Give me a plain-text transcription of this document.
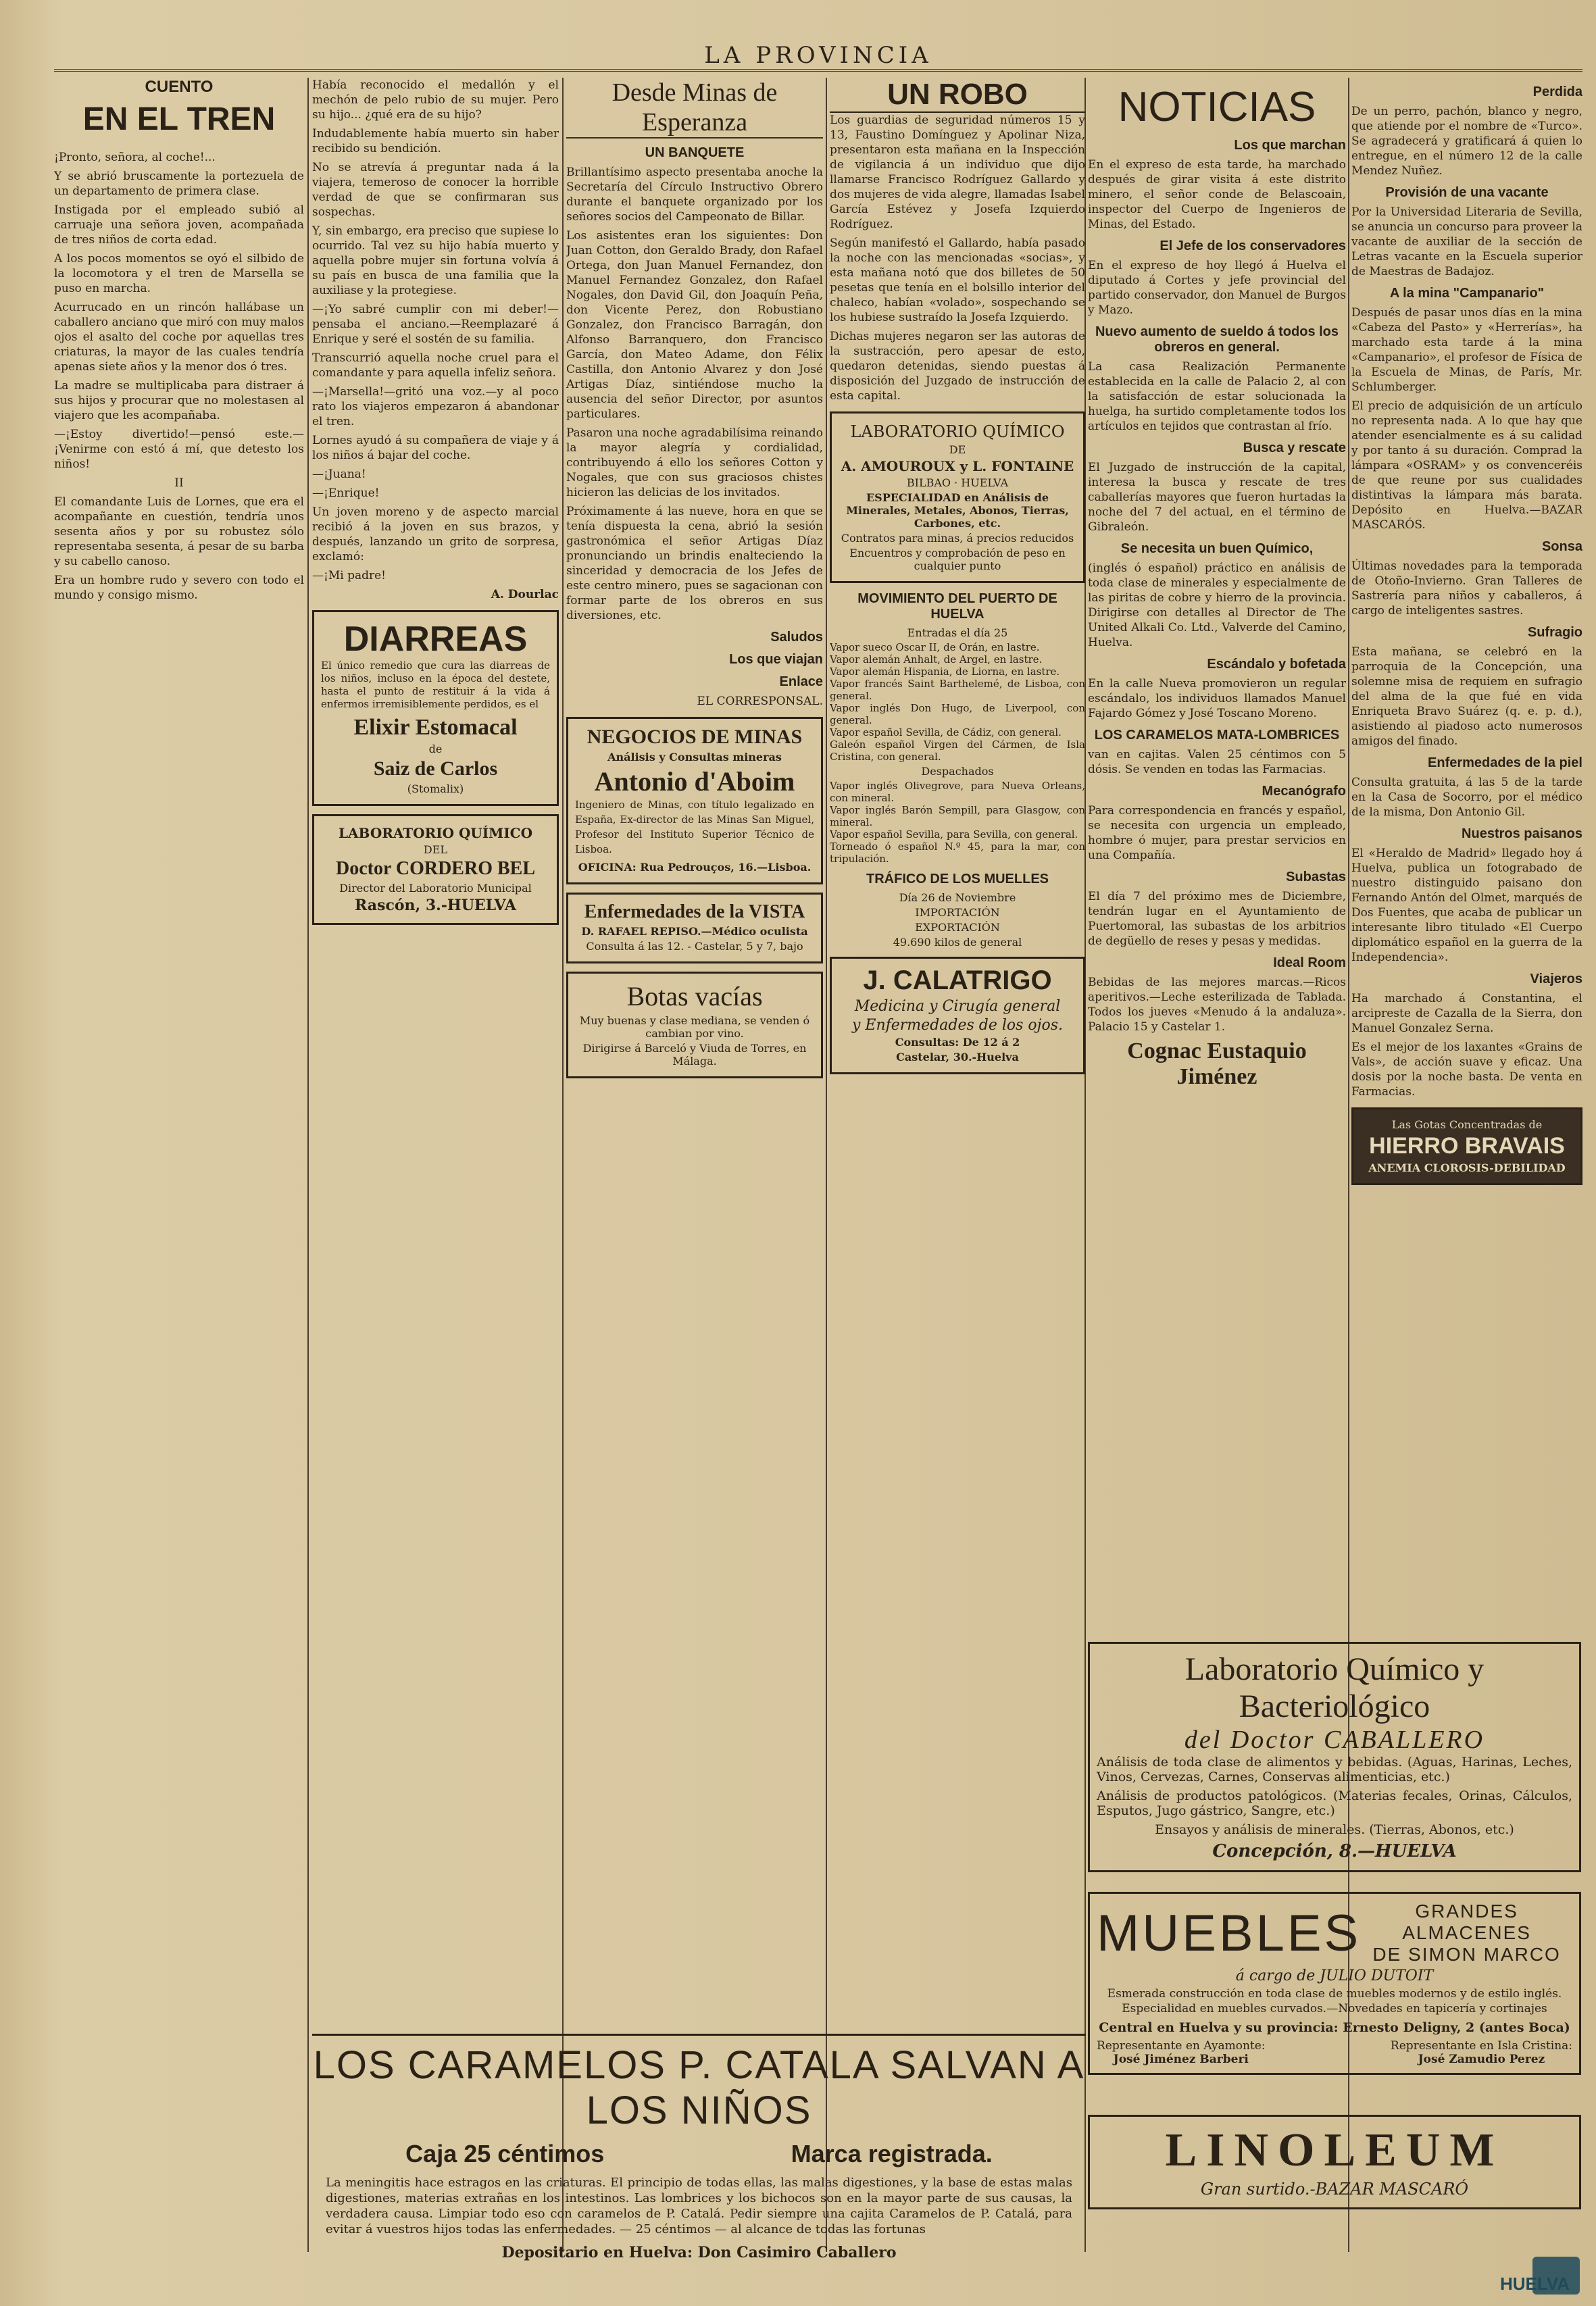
LA PROVINCIA
CUENTO
EN EL TREN

¡Pronto, señora, al coche!...

Y se abrió bruscamente la portezuela de un departamento de primera clase.

Instigada por el empleado subió al carruaje una señora joven, acompañada de tres niños de corta edad.

A los pocos momentos se oyó el silbido de la locomotora y el tren de Marsella se puso en marcha.

Acurrucado en un rincón hallábase un caballero anciano que miró con muy malos ojos el asalto del coche por aquellas tres criaturas, la mayor de las cuales tendría apenas siete años y la menor dos ó tres.

La madre se multiplicaba para distraer á sus hijos y procurar que no molestasen al viajero que les acompañaba.

—¡Estoy divertido!—pensó este.—¡Venirme con estó á mí, que detesto los niños!

II

El comandante Luis de Lornes, que era el acompañante en cuestión, tendría unos sesenta años y por su robustez sólo representaba sesenta, á pesar de su barba y su cabello canoso.

Era un hombre rudo y severo con todo el mundo y consigo mismo.

Había reconocido el medallón y el mechón de pelo rubio de su mujer. Pero su hijo... ¿qué era de su hijo?

Indudablemente había muerto sin haber recibido su bendición.

No se atrevía á preguntar nada á la viajera, temeroso de conocer la horrible verdad de que se confirmaran sus sospechas.

Y, sin embargo, era preciso que supiese lo ocurrido. Tal vez su hijo había muerto y aquella pobre mujer sin fortuna volvía á su país en busca de una familia que la auxiliase y la protegiese.

—¡Yo sabré cumplir con mi deber!—pensaba el anciano.—Reemplazaré á Enrique y seré el sostén de su familia.

Transcurrió aquella noche cruel para el comandante y para aquella infeliz señora.

—¡Marsella!—gritó una voz.—y al poco rato los viajeros empezaron á abandonar el tren.

Lornes ayudó á su compañera de viaje y á los niños á bajar del coche.

—¡Juana!

—¡Enrique!

Un joven moreno y de aspecto marcial recibió á la joven en sus brazos, y después, lanzando un grito de sorpresa, exclamó:

—¡Mi padre!

A. Dourlac

DIARREAS

El único remedio que cura las diarreas de los niños, incluso en la época del destete, hasta el punto de restituir á la vida á enfermos irremisiblemente perdidos, es el

Elixir Estomacal
de
Saiz de Carlos
(Stomalix)
LABORATORIO QUÍMICO
DEL
Doctor CORDERO BEL
Director del Laboratorio Municipal
Rascón, 3.-HUELVA
Desde Minas de Esperanza
UN BANQUETE

Brillantísimo aspecto presentaba anoche la Secretaría del Círculo Instructivo Obrero durante el banquete organizado por los señores socios del Campeonato de Billar.

Los asistentes eran los siguientes: Don Juan Cotton, don Geraldo Brady, don Rafael Ortega, don Juan Manuel Fernandez, don Manuel Fernandez Gonzalez, don Rafael Nogales, don David Gil, don Joaquín Peña, don Vicente Perez, don Robustiano Gonzalez, don Francisco Barragán, don Alfonso Barranquero, don Francisco García, don Mateo Adame, don Félix Castilla, don Antonio Alvarez y don José Artigas Díaz, sintiéndose mucho la ausencia del señor Director, por asuntos particulares.

Pasaron una noche agradabilísima reinando la mayor alegría y cordialidad, contribuyendo á ello los señores Cotton y Nogales, que con sus graciosos chistes hicieron las delicias de los invitados.

Próximamente á las nueve, hora en que se tenía dispuesta la cena, abrió la sesión gastronómica el señor Artigas Díaz pronunciando un brindis enalteciendo la sinceridad y democracia de los Jefes de este centro minero, pues se sagacionan con formar parte de los obreros en sus diversiones, etc.

Saludos
Los que viajan
Enlace

EL CORRESPONSAL.

NEGOCIOS DE MINAS
Análisis y Consultas mineras
Antonio d'Aboim

Ingeniero de Minas, con título legalizado en España, Ex-director de las Minas San Miguel, Profesor del Instituto Superior Técnico de Lisboa.

OFICINA: Rua Pedrouços, 16.—Lisboa.
Enfermedades de la VISTA
D. RAFAEL REPISO.—Médico oculista
Consulta á las 12. - Castelar, 5 y 7, bajo
Botas vacías
Muy buenas y clase mediana, se venden ó cambian por vino.
Dirigirse á Barceló y Viuda de Torres, en Málaga.
UN ROBO

Los guardias de seguridad números 15 y 13, Faustino Domínguez y Apolinar Niza, presentaron esta mañana en la Inspección de vigilancia á un individuo que dijo llamarse Francisco Rodríguez Gallardo y dos mujeres de vida alegre, llamadas Isabel García Estévez y Josefa Izquierdo Rodríguez.

Según manifestó el Gallardo, había pasado la noche con las mencionadas «socias», y esta mañana notó que dos billetes de 50 pesetas que tenía en el bolsillo interior del chaleco, habían «volado», sospechando se los hubiese sustraído la Josefa Izquierdo.

Dichas mujeres negaron ser las autoras de la sustracción, pero apesar de esto, quedaron detenidas, siendo puestas á disposición del Juzgado de instrucción de esta capital.

LABORATORIO QUÍMICO
DE
A. AMOUROUX y L. FONTAINE
BILBAO · HUELVA
ESPECIALIDAD en Análisis de Minerales, Metales, Abonos, Tierras, Carbones, etc.
Contratos para minas, á precios reducidos
Encuentros y comprobación de peso en cualquier punto
MOVIMIENTO DEL PUERTO DE HUELVA
Entradas el día 25

Vapor sueco Oscar II, de Orán, en lastre.

Vapor alemán Anhalt, de Argel, en lastre.

Vapor alemán Hispania, de Liorna, en lastre.

Vapor francés Saint Barthelemé, de Lisboa, con general.

Vapor inglés Don Hugo, de Liverpool, con general.

Vapor español Sevilla, de Cádiz, con general.

Galeón español Virgen del Cármen, de Isla Cristina, con general.

Despachados

Vapor inglés Olivegrove, para Nueva Orleans, con mineral.

Vapor inglés Barón Sempill, para Glasgow, con mineral.

Vapor español Sevilla, para Sevilla, con general.

Torneado ó español N.º 45, para la mar, con tripulación.

TRÁFICO DE LOS MUELLES
Día 26 de Noviembre
IMPORTACIÓN
EXPORTACIÓN
49.690 kilos de general
J. CALATRIGO
Medicina y Cirugía general
y Enfermedades de los ojos.
Consultas: De 12 á 2
Castelar, 30.-Huelva
NOTICIAS
Los que marchan

En el expreso de esta tarde, ha marchado después de girar visita á este distrito minero, el señor conde de Belascoain, inspector del Cuerpo de Ingenieros de Minas, del Estado.

El Jefe de los conservadores

En el expreso de hoy llegó á Huelva el diputado á Cortes y jefe provincial del partido conservador, don Manuel de Burgos y Mazo.

Nuevo aumento de sueldo á todos los obreros en general.

La casa Realización Permanente establecida en la calle de Palacio 2, al con la satisfacción de estar solucionada la huelga, ha surtido completamente todos los artículos en tejidos que contrastan al frío.

Busca y rescate

El Juzgado de instrucción de la capital, interesa la busca y rescate de tres caballerías mayores que fueron hurtadas la noche del 7 del actual, en el término de Gibraleón.

Se necesita un buen Químico,

(inglés ó español) práctico en análisis de toda clase de minerales y especialmente de las piritas de cobre y hierro de la provincia. Dirigirse con detalles al Director de The United Alkali Co. Ltd., Valverde del Camino, Huelva.

Escándalo y bofetada

En la calle Nueva promovieron un regular escándalo, los individuos llamados Manuel Fajardo Gómez y José Toscano Moreno.

LOS CARAMELOS MATA-LOMBRICES

van en cajitas. Valen 25 céntimos con 5 dósis. Se venden en todas las Farmacias.

Mecanógrafo

Para correspondencia en francés y español, se necesita con urgencia un empleado, hombre ó mujer, para prestar servicios en una Compañía.

Subastas

El día 7 del próximo mes de Diciembre, tendrán lugar en el Ayuntamiento de Puertomoral, las subastas de los arbitrios de degüello de reses y pesas y medidas.

Ideal Room

Bebidas de las mejores marcas.—Ricos aperitivos.—Leche esterilizada de Tablada. Todos los jueves «Menudo á la andaluza». Palacio 15 y Castelar 1.

Cognac Eustaquio Jiménez
Perdida

De un perro, pachón, blanco y negro, que atiende por el nombre de «Turco». Se agradecerá y gratificará á quien lo entregue, en el número 12 de la calle Mendez Nuñez.

Provisión de una vacante

Por la Universidad Literaria de Sevilla, se anuncia un concurso para proveer la vacante de auxiliar de la sección de Letras vacante en la Escuela superior de Maestras de Badajoz.

A la mina "Campanario"

Después de pasar unos días en la mina «Cabeza del Pasto» y «Herrerías», ha marchado esta tarde á la mina «Campanario», el profesor de Física de la Escuela de Minas, de París, Mr. Schlumberger.

El precio de adquisición de un artículo no representa nada. A lo que hay que atender esencialmente es á su calidad y por tanto á su duración. Comprad la lámpara «OSRAM» y os convenceréis de que reune por sus cualidades distintivas la lámpara más barata. Depósito en Huelva.—BAZAR MASCARÓS.

Sonsa

Últimas novedades para la temporada de Otoño-Invierno. Gran Talleres de Sastrería para niños y caballeros, á cargo de inteligentes sastres.

Sufragio

Esta mañana, se celebró en la parroquia de la Concepción, una solemne misa de requiem en sufragio del alma de la que fué en vida Enriqueta Bravo Suárez (q. e. p. d.), asistiendo al piadoso acto numerosos amigos del finado.

Enfermedades de la piel

Consulta gratuita, á las 5 de la tarde en la Casa de Socorro, por el médico de la misma, Don Antonio Gil.

Nuestros paisanos

El «Heraldo de Madrid» llegado hoy á Huelva, publica un fotograbado de nuestro distinguido paisano don Fernando Antón del Olmet, marqués de Dos Fuentes, que acaba de publicar un interesante libro titulado «El Cuerpo diplomático español en la guerra de la Independencia».

Viajeros

Ha marchado á Constantina, el arcipreste de Cazalla de la Sierra, don Manuel Gonzalez Serna.

Es el mejor de los laxantes «Grains de Vals», de acción suave y eficaz. Una dosis por la noche basta. De venta en Farmacias.

Las Gotas Concentradas de
HIERRO BRAVAIS
ANEMIA CLOROSIS-DEBILIDAD
LOS CARAMELOS P. CATALA SALVAN A LOS NIÑOS
Caja 25 céntimos	Marca registrada.

La meningitis hace estragos en las criaturas. El principio de todas ellas, las malas digestiones, y la base de estas malas digestiones, materias extrañas en los intestinos. Las lombrices y los bichocos son en la mayor parte de sus causas, la verdadera causa. Limpiar todo eso con caramelos de P. Catalá. Pedir siempre una cajita Caramelos de P. Catalá, para evitar á vuestros hijos todas las enfermedades. — 25 céntimos — al alcance de todas las fortunas

Depositario en Huelva: Don Casimiro Caballero
Laboratorio Químico y Bacteriológico
del Doctor CABALLERO

Análisis de toda clase de alimentos y bebidas. (Aguas, Harinas, Leches, Vinos, Cervezas, Carnes, Conservas alimenticias, etc.)

Análisis de productos patológicos. (Materias fecales, Orinas, Cálculos, Esputos, Jugo gástrico, Sangre, etc.)

Ensayos y análisis de minerales. (Tierras, Abonos, etc.)

Concepción, 8.—HUELVA
MUEBLES	GRANDES ALMACENES
DE SIMON MARCO
á cargo de JULIO DUTOIT

Esmerada construcción en toda clase de muebles modernos y de estilo inglés. Especialidad en muebles curvados.—Novedades en tapicería y cortinajes

Central en Huelva y su provincia: Ernesto Deligny, 2 (antes Boca)
Representante en Ayamonte:
José Jiménez Barberi
Representante en Isla Cristina:
José Zamudio Perez
LINOLEUM
Gran surtido.-BAZAR MASCARÓ
HUELVA
